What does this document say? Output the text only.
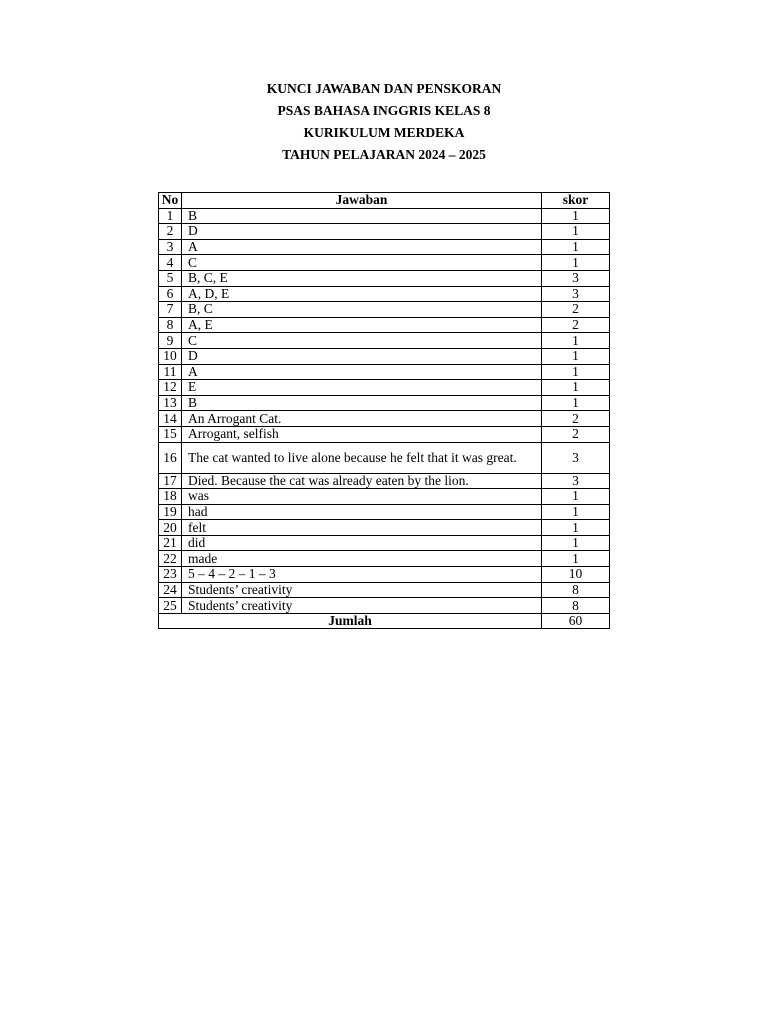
KUNCI JAWABAN DAN PENSKORAN
PSAS BAHASA INGGRIS KELAS 8
KURIKULUM MERDEKA
TAHUN PELAJARAN 2024 – 2025
No	Jawaban	skor
1	B	1
2	D	1
3	A	1
4	C	1
5	B, C, E	3
6	A, D, E	3
7	B, C	2
8	A, E	2
9	C	1
10	D	1
11	A	1
12	E	1
13	B	1
14	An Arrogant Cat.	2
15	Arrogant, selfish	2
16	The cat wanted to live alone because he felt that it was great.	3
17	Died. Because the cat was already eaten by the lion.	3
18	was	1
19	had	1
20	felt	1
21	did	1
22	made	1
23	5 – 4 – 2 – 1 – 3	10
24	Students’ creativity	8
25	Students’ creativity	8
Jumlah		60
